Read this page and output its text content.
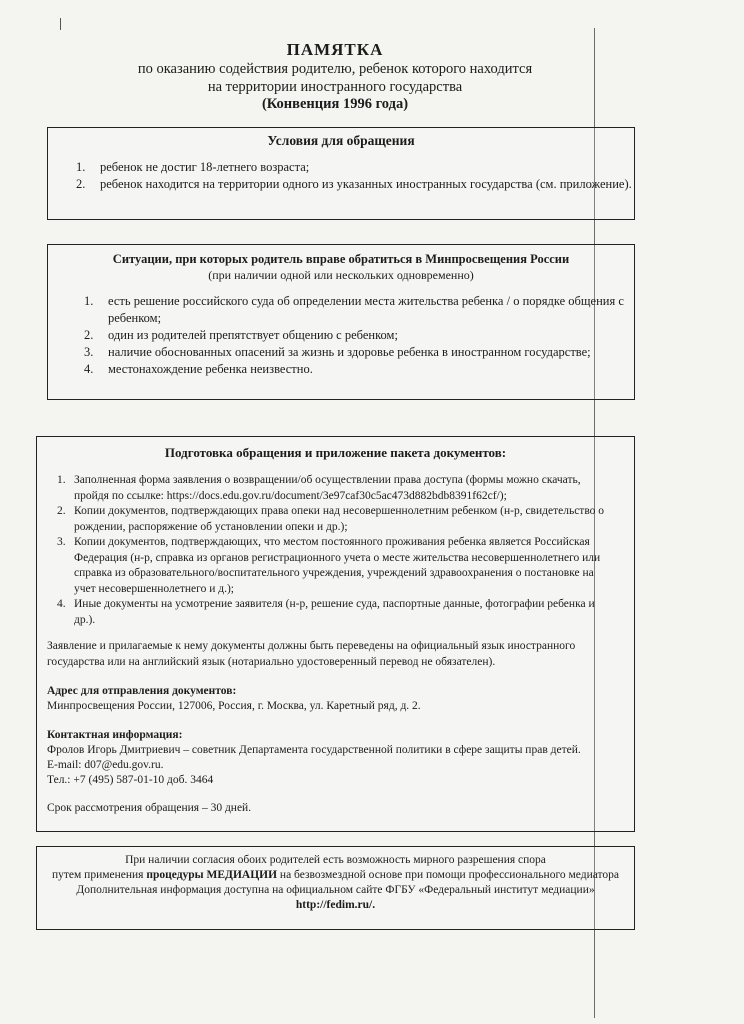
ПАМЯТКА
по оказанию содействия родителю, ребенок которого находится
на территории иностранного государства
(Конвенция 1996 года)
Условия для обращения
1. ребенок не достиг 18-летнего возраста;
2. ребенок находится на территории одного из указанных иностранных государства (см. приложение).
Ситуации, при которых родитель вправе обратиться в Минпросвещения России
(при наличии одной или нескольких одновременно)
1. есть решение российского суда об определении места жительства ребенка / о порядке общения с ребенком;
2. один из родителей препятствует общению с ребенком;
3. наличие обоснованных опасений за жизнь и здоровье ребенка в иностранном государстве;
4. местонахождение ребенка неизвестно.
Подготовка обращения и приложение пакета документов:
1. Заполненная форма заявления о возвращении/об осуществлении права доступа (формы можно скачать, пройдя по ссылке: https://docs.edu.gov.ru/document/3e97caf30c5ac473d882bdb8391f62cf/);
2. Копии документов, подтверждающих права опеки над несовершеннолетним ребенком (н-р, свидетельство о рождении, распоряжение об установлении опеки и др.);
3. Копии документов, подтверждающих, что местом постоянного проживания ребенка является Российская Федерация (н-р, справка из органов регистрационного учета о месте жительства несовершеннолетнего или справка из образовательного/воспитательного учреждения, учреждений здравоохранения о постановке на учет несовершеннолетнего и д.);
4. Иные документы на усмотрение заявителя (н-р, решение суда, паспортные данные, фотографии ребенка и др.).
Заявление и прилагаемые к нему документы должны быть переведены на официальный язык иностранного государства или на английский язык (нотариально удостоверенный перевод не обязателен).
Адрес для отправления документов:
Минпросвещения России, 127006, Россия, г. Москва, ул. Каретный ряд, д. 2.
Контактная информация:
Фролов Игорь Дмитриевич – советник Департамента государственной политики в сфере защиты прав детей.
E-mail: d07@edu.gov.ru.
Тел.: +7 (495) 587-01-10 доб. 3464
Срок рассмотрения обращения – 30 дней.
При наличии согласия обоих родителей есть возможность мирного разрешения спора
путем применения процедуры МЕДИАЦИИ на безвозмездной основе при помощи профессионального медиатора
Дополнительная информация доступна на официальном сайте ФГБУ «Федеральный институт медиации»
http://fedim.ru/.
